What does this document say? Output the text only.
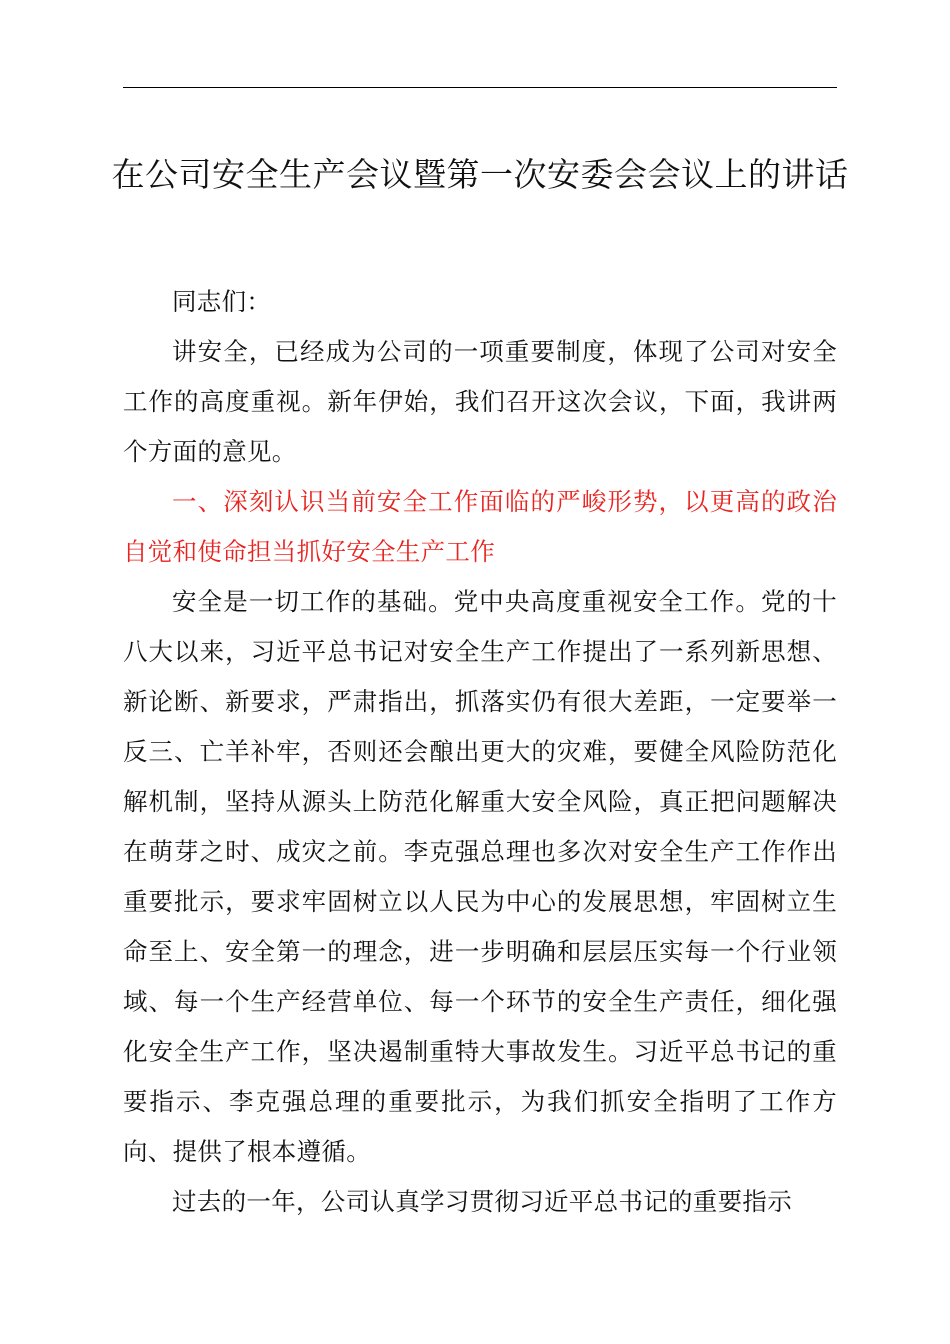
在公司安全生产会议暨第一次安委会会议上的讲话

同志们：

讲安全，已经成为公司的一项重要制度，体现了公司对安全工作的高度重视。新年伊始，我们召开这次会议，下面，我讲两个方面的意见。

一、深刻认识当前安全工作面临的严峻形势，以更高的政治自觉和使命担当抓好安全生产工作

安全是一切工作的基础。党中央高度重视安全工作。党的十八大以来，习近平总书记对安全生产工作提出了一系列新思想、新论断、新要求，严肃指出，抓落实仍有很大差距，一定要举一反三、亡羊补牢，否则还会酿出更大的灾难，要健全风险防范化解机制，坚持从源头上防范化解重大安全风险，真正把问题解决在萌芽之时、成灾之前。李克强总理也多次对安全生产工作作出重要批示，要求牢固树立以人民为中心的发展思想，牢固树立生命至上、安全第一的理念，进一步明确和层层压实每一个行业领域、每一个生产经营单位、每一个环节的安全生产责任，细化强化安全生产工作，坚决遏制重特大事故发生。习近平总书记的重要指示、李克强总理的重要批示，为我们抓安全指明了工作方向、提供了根本遵循。

过去的一年，公司认真学习贯彻习近平总书记的重要指示
